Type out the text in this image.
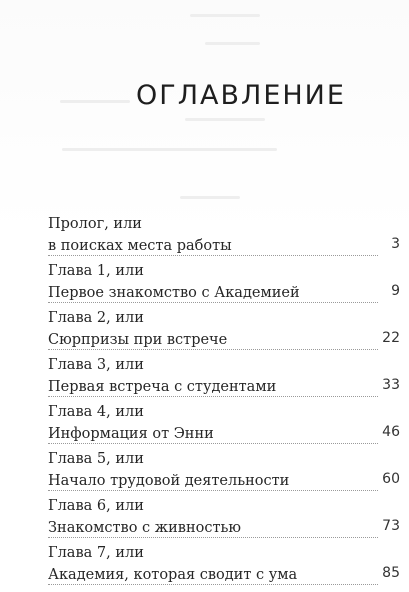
ОГЛАВЛЕНИЕ
Пролог, или
в поисках места работы	3
Глава 1, или
Первое знакомство с Академией	9
Глава 2, или
Сюрпризы при встрече	22
Глава 3, или
Первая встреча с студентами	33
Глава 4, или
Информация от Энни	46
Глава 5, или
Начало трудовой деятельности	60
Глава 6, или
Знакомство с живностью	73
Глава 7, или
Академия, которая сводит с ума	85
